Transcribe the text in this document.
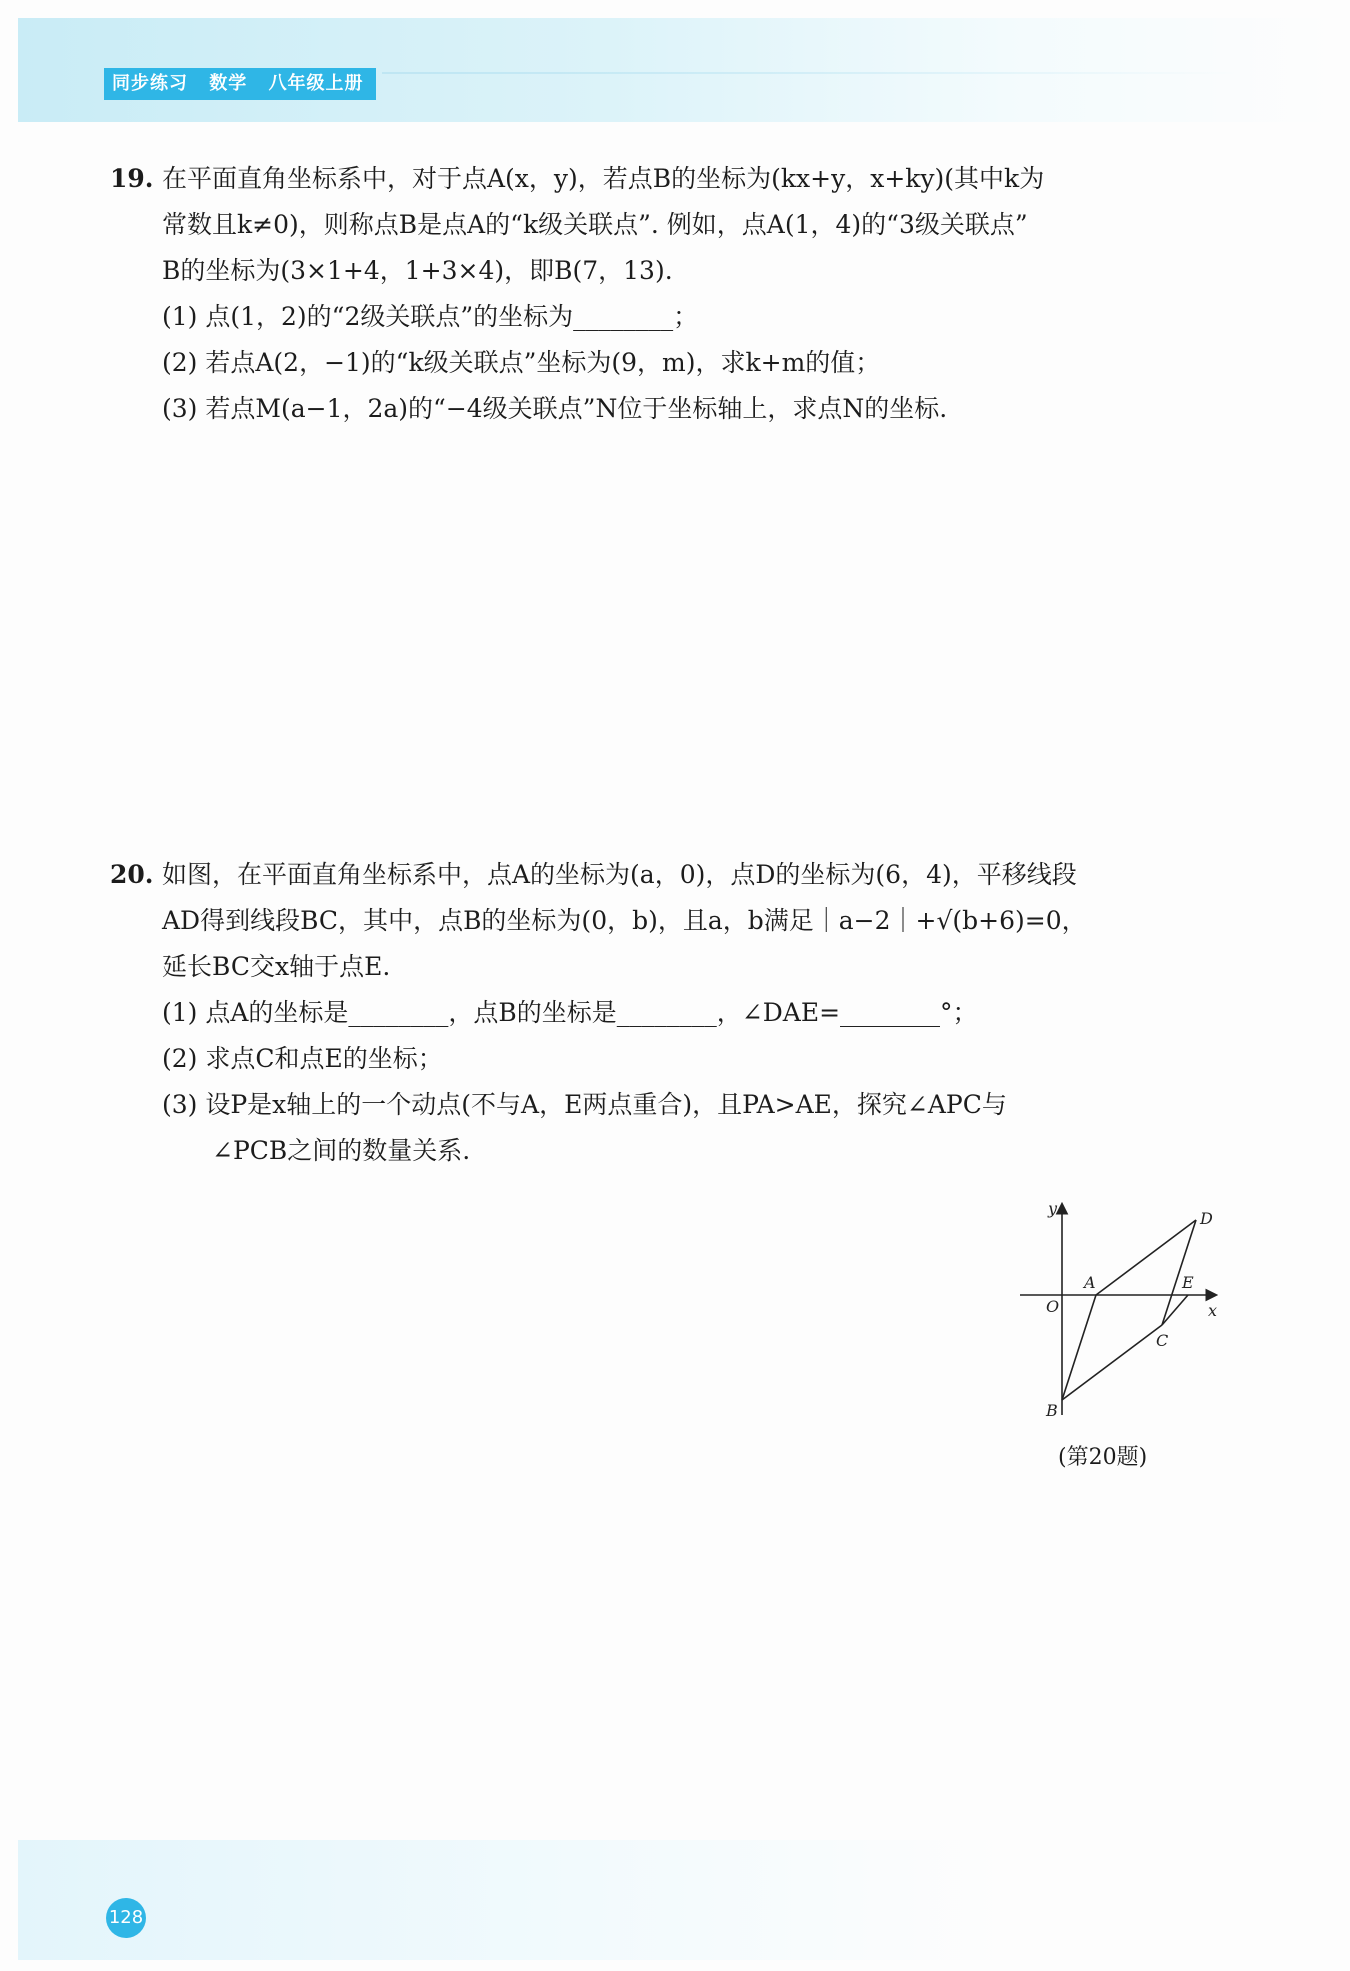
同步练习 数学 八年级上册
19. 在平面直角坐标系中，对于点A(x，y)，若点B的坐标为(kx+y，x+ky)(其中k为
常数且k≠0)，则称点B是点A的“k级关联点”. 例如，点A(1，4)的“3级关联点”
B的坐标为(3×1+4，1+3×4)，即B(7，13).
(1) 点(1，2)的“2级关联点”的坐标为________；
(2) 若点A(2，−1)的“k级关联点”坐标为(9，m)，求k+m的值；
(3) 若点M(a−1，2a)的“−4级关联点”N位于坐标轴上，求点N的坐标.
20. 如图，在平面直角坐标系中，点A的坐标为(a，0)，点D的坐标为(6，4)，平移线段
AD得到线段BC，其中，点B的坐标为(0，b)，且a，b满足｜a−2｜+√(b+6)=0，
延长BC交x轴于点E.
(1) 点A的坐标是________，点B的坐标是________，∠DAE=________°；
(2) 求点C和点E的坐标；
(3) 设P是x轴上的一个动点(不与A，E两点重合)，且PA>AE，探究∠APC与
∠PCB之间的数量关系.
y
x
O
A
B
C
D
E
(第20题)
128
